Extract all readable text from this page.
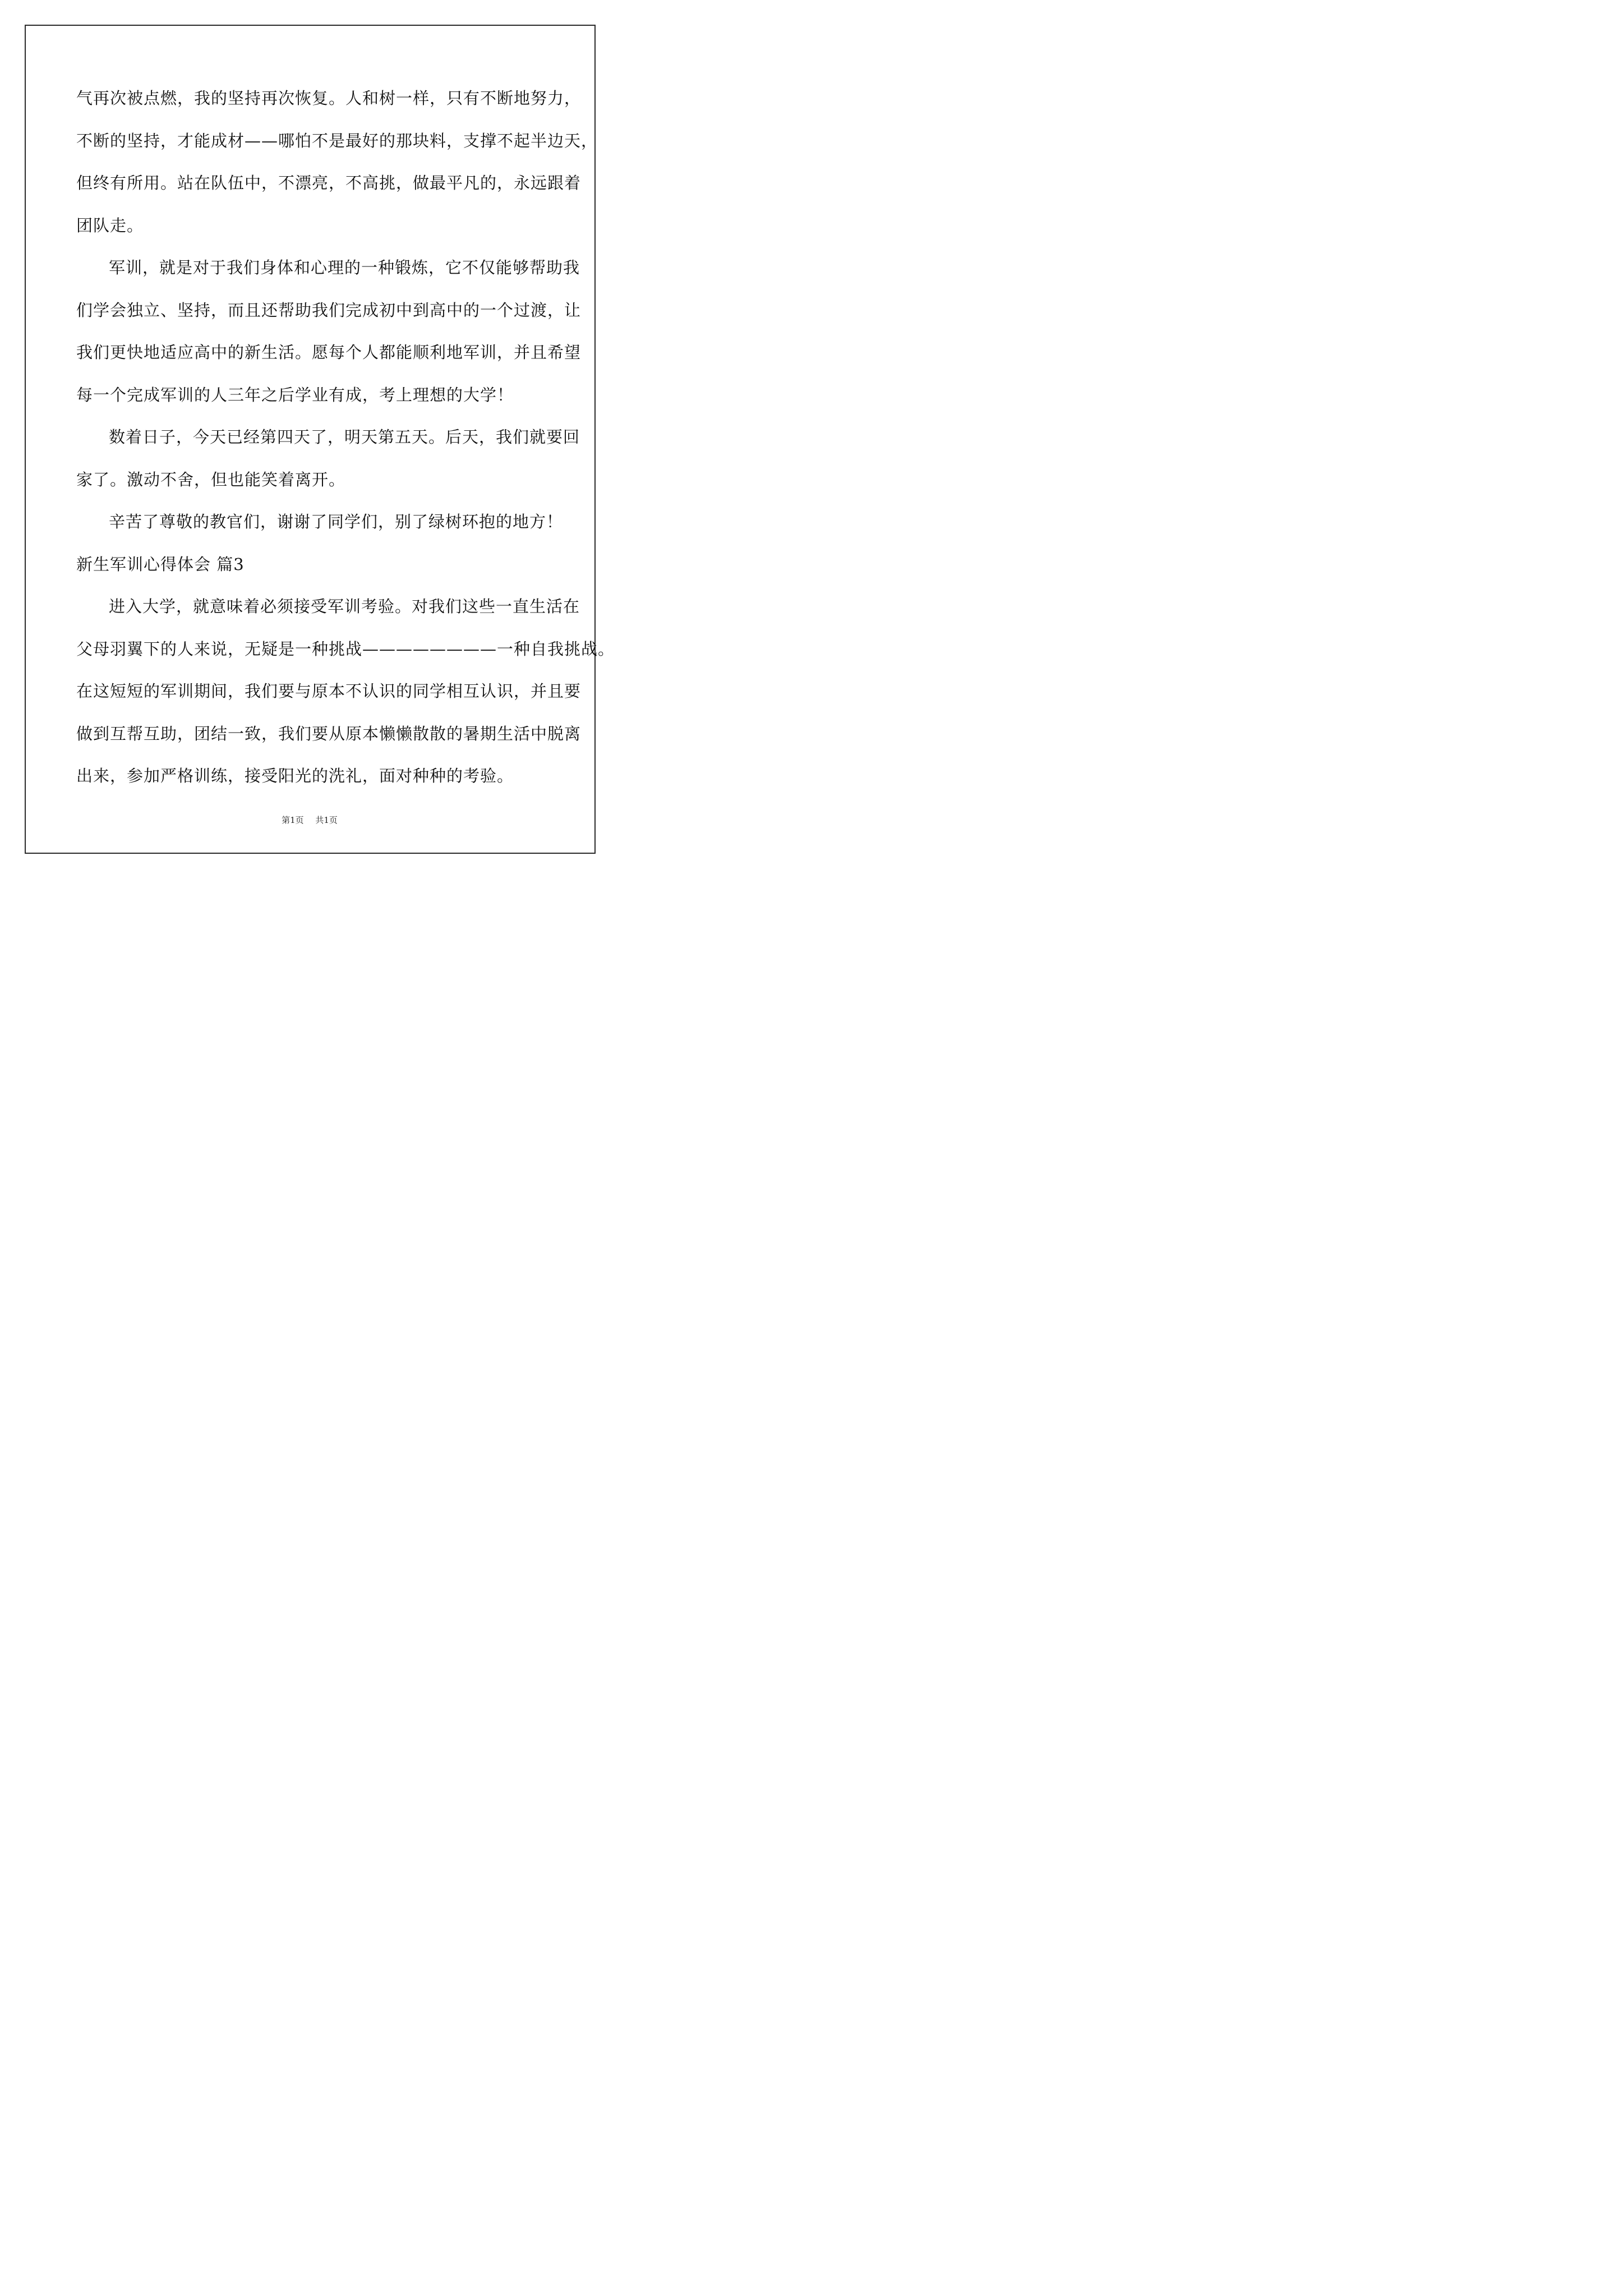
气再次被点燃，我的坚持再次恢复。人和树一样，只有不断地努力，
不断的坚持，才能成材——哪怕不是最好的那块料，支撑不起半边天，
但终有所用。站在队伍中，不漂亮，不高挑，做最平凡的，永远跟着
团队走。
军训，就是对于我们身体和心理的一种锻炼，它不仅能够帮助我
们学会独立、坚持，而且还帮助我们完成初中到高中的一个过渡，让
我们更快地适应高中的新生活。愿每个人都能顺利地军训，并且希望
每一个完成军训的人三年之后学业有成，考上理想的大学！
数着日子，今天已经第四天了，明天第五天。后天，我们就要回
家了。激动不舍，但也能笑着离开。
辛苦了尊敬的教官们，谢谢了同学们，别了绿树环抱的地方！
新生军训心得体会 篇3
进入大学，就意味着必须接受军训考验。对我们这些一直生活在
父母羽翼下的人来说，无疑是一种挑战————————一种自我挑战。
在这短短的军训期间，我们要与原本不认识的同学相互认识，并且要
做到互帮互助，团结一致，我们要从原本懒懒散散的暑期生活中脱离
出来，参加严格训练，接受阳光的洗礼，面对种种的考验。
第1页 共1页
